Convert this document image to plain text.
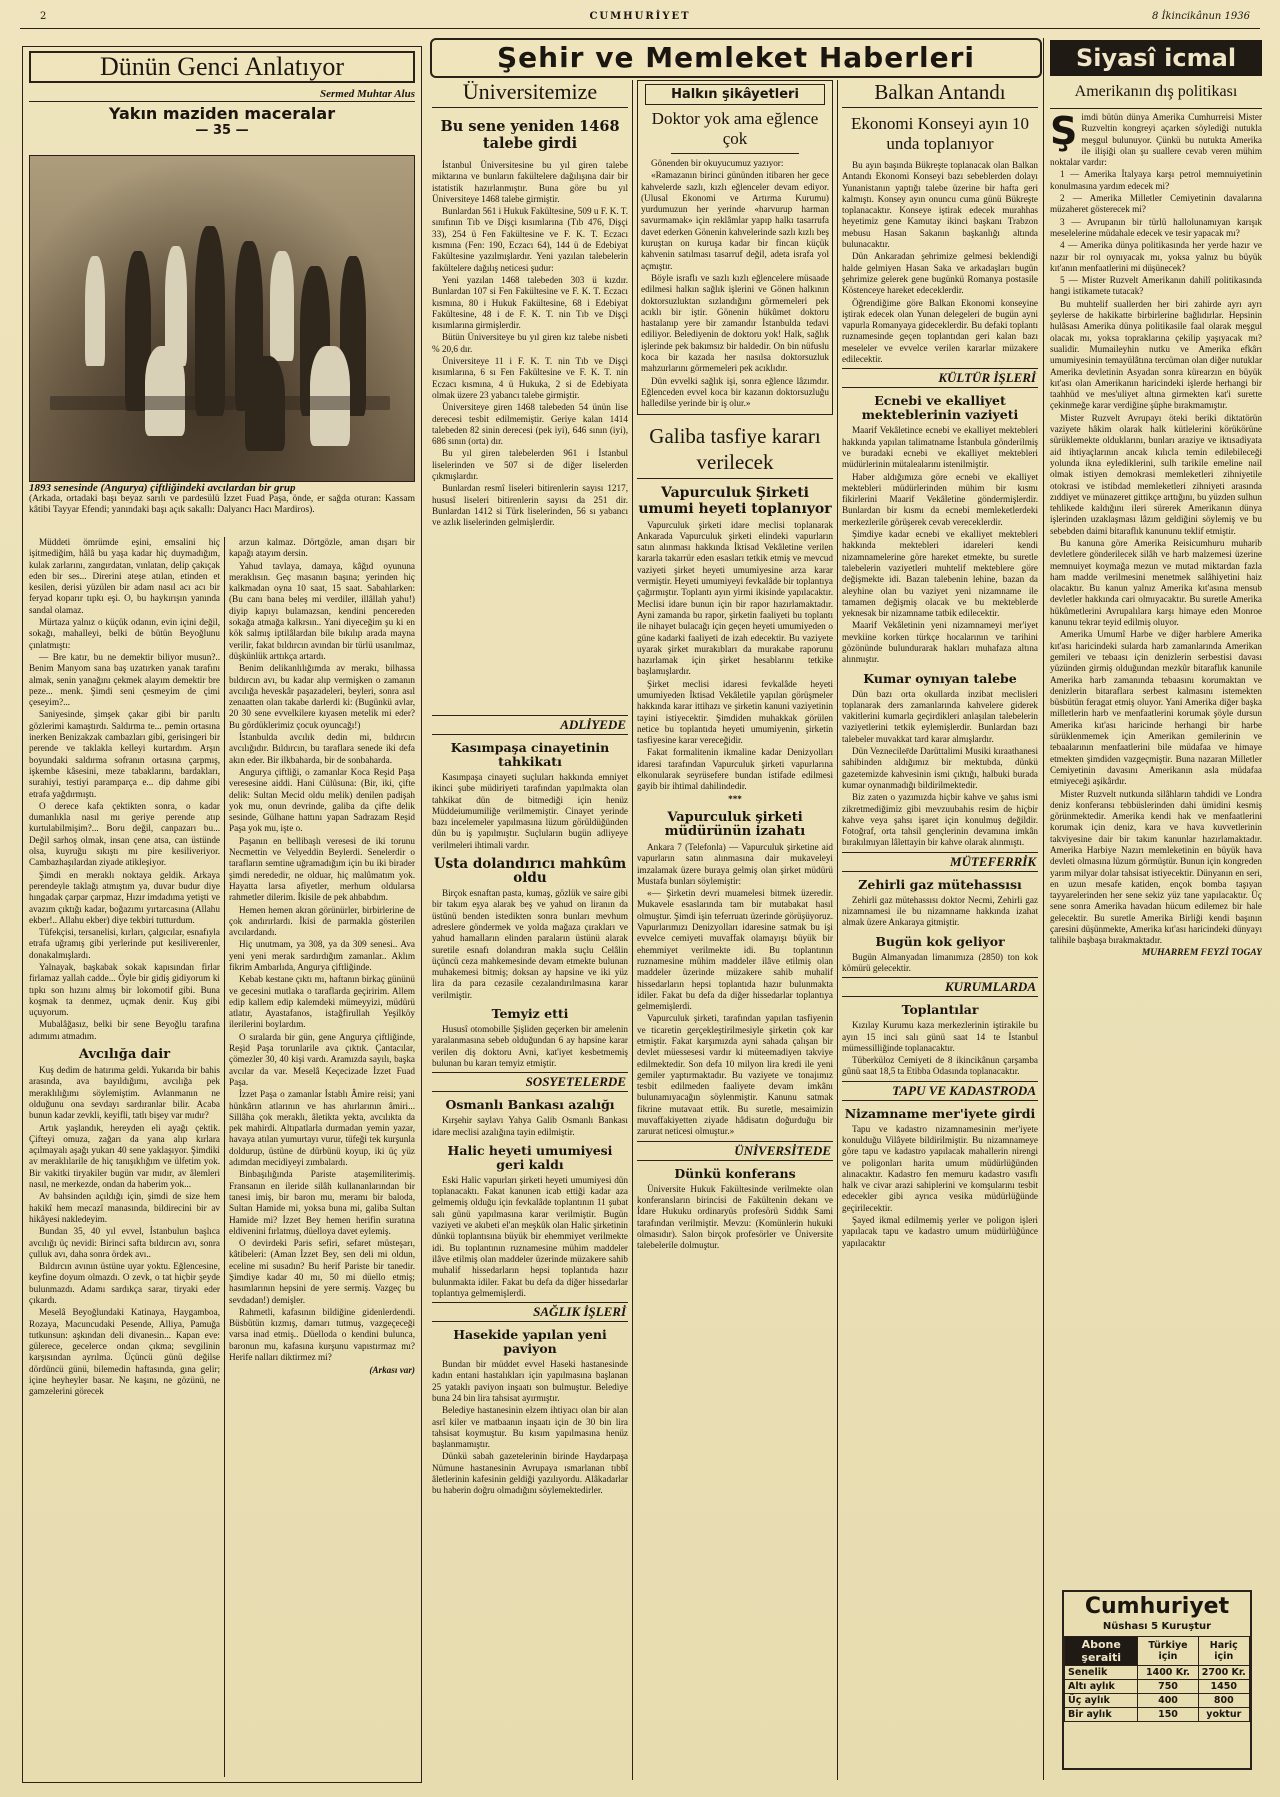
2	CUMHURİYET	8 İkincikânun 1936
Dünün Genci Anlatıyor
Sermed Muhtar Alus
Yakın maziden maceralar
— 35 —
1893 senesinde (Angurya) çiftliğindeki avcılardan bir grup
(Arkada, ortadaki başı beyaz sarılı ve pardesülü İzzet Fuad Paşa, önde, er sağda oturan: Kassam kâtibi Tayyar Efendi; yanındaki başı açık sakallı: Dalyancı Hacı Mardiros).

Müddeti ömrümde eşini, emsalini hiç işitmediğim, hâlâ bu yaşa kadar hiç duymadığım, kulak zarlarını, zangırdatan, vınlatan, delip çakıçak eden bir ses... Direrini ateşe atılan, etinden et kesilen, derisi yüzülen bir adam nasıl acı acı bir feryad koparır tıpkı eşi. O, bu haykırışın yanında sandal olamaz.

Mürtaza yalnız o küçük odanın, evin içini değil, sokağı, mahalleyi, belki de bütün Beyoğlunu çınlatmıştı:

— Bre katır, bu ne demektir biliyor musun?.. Benim Manyom sana baş uzatırken yanak tarafını almak, senin yanağını çekmek alayım demektir bre peze... menk. Şimdi seni çesmeyim de çimi çeseyim?...

Saniyesinde, şimşek çakar gibi bir parıltı gözlerimi kamaştırdı. Saldırma te... pemin ortasına inerken Benizakzak cambazları gibi, gerisingeri bir perende ve taklakla kelleyi kurtardım. Arşın boyundaki saldırma sofranın ortasına çarpmış, işkembe kâsesini, meze tabaklarını, bardakları, surahiyi, testiyi paramparça e... dip dahme gibi etrafa yağdırmıştı.

O derece kafa çektikten sonra, o kadar dumanlıkla nasıl mı geriye perende atıp kurtulabilmişim?... Boru değil, canpazarı bu... Değil sarhoş olmak, insan çene atsa, can üstünde olsa, kuyruğu sıkıştı mı pire kesiliveriyor. Cambazhaşılardan ziyade atikleşiyor.

Şimdi en meraklı noktaya geldik. Arkaya perendeyle taklağı atmıştım ya, duvar budur diye hıngadak çarpar çarpmaz, Hızır imdadıma yetişti ve avazım çıktığı kadar, boğazımı yırtarcasına (Allahu ekber!.. Allahu ekber) diye tekbiri tutturdum.

Tüfekçisi, tersanelisi, kırları, çalgıcılar, esnafıyla etrafa uğramış gibi yerlerinde put kesiliverenler, donakalmışlardı.

Yalnayak, başkabak sokak kapısından firlar firlamaz yallah cadde... Öyle bir gidiş gidiyorum ki tıpkı son hızını almış bir lokomotif gibi. Buna koşmak ta denmez, uçmak denir. Kuş gibi uçuyorum.

Mubalâğasız, belki bir sene Beyoğlu tarafına adımımı atmadım.

Avcılığa dair

Kuş dedim de hatırıma geldi. Yukarıda bir bahis arasında, ava bayıldığımı, avcılığa pek meraklılığımı söylemiştim. Avlanmanın ne olduğunu ona sevdayı sardıranlar bilir. Acaba bunun kadar zevkli, keyifli, tatlı bişey var mıdır?

Artık yaşlandık, hereyden eli ayağı çektik. Çifteyi omuza, zağarı da yana alıp kırlara açılmayalı aşağı yukarı 40 sene yaklaşıyor. Şimdiki av meraklılarile de hiç tanışıklığım ve ülfetim yok. Bir vakitki tiryakiler bugün var mıdır, av âlemleri nasıl, ne merkezde, ondan da haberim yok...

Av bahsinden açıldığı için, şimdi de size hem hakikî hem mecazî manasında, bildirecini bir av hikâyesi nakledeyim.

Bundan 35, 40 yıl evvel, İstanbulun başlıca avcılığı üç nevidi: Birinci safta bıldırcın avı, sonra çulluk avı, daha sonra ördek avı..

Bıldırcın avının üstüne uyar yoktu. Eğlencesine, keyfine doyum olmazdı. O zevk, o tat hiçbir şeyde bulunmazdı. Adamı sardıkça sarar, tiryaki eder çıkardı.

Meselâ Beyoğlundaki Katinaya, Haygamboa, Rozaya, Macuncudaki Pesende, Alliya, Pamuğa tutkunsun: aşkından deli divanesin... Kapan eve: gülerece, gecelerce ondan çıkma; sevgilinin karşısından ayrılma. Üçüncü günü değilse dördüncü günü, bilemedin haftasında, gına gelir; içine heyheyler basar. Ne kaşını, ne gözünü, ne gamzelerini görecek

arzun kalmaz. Dörtgözle, aman dışarı bir kapağı atayım dersin.

Yahud tavlaya, damaya, kâğıd oyununa meraklısın. Geç masanın başına; yerinden hiç kalkmadan oyna 10 saat, 15 saat. Sabahlarken: (Bu canı bana beleş mi verdiler, illâllah yahu!) diyip kapıyı bulamazsan, kendini pencereden sokağa atmağa kalkrsın.. Yani diyeceğim şu ki en kök salmış iptilâlardan bile bıkılıp arada mayna verilir, fakat bıldırcın avından bir türlü usanılmaz, düşkünlük arttıkça artardı.

Benim delikanlılığımda av merakı, bilhassa bıldırcın avı, bu kadar alıp vermişken o zamanın avcılığa heveskâr paşazadeleri, beyleri, sonra asıl zenaatten olan takabe darlerdi ki: (Bugünkü avlar, 20 30 sene evvelkilere kıyasen metelik mi eder? Bu gördüklerimiz çocuk oyuncağı!)

İstanbulda avcılık dedin mi, bıldırcın avcılığıdır. Bıldırcın, bu taraflara senede iki defa akın eder. Bir ilkbaharda, bir de sonbaharda.

Angurya çiftliği, o zamanlar Koca Reşid Paşa veresesine aiddi. Hani Cülûsuna: (Bir, iki, çifte delik: Sultan Mecid oldu melik) denilen padişah yok mu, onun devrinde, galiba da çifte delik sesinde, Gülhane hattını yapan Sadrazam Reşid Paşa yok mu, işte o.

Paşanın en bellibaşlı veresesi de iki torunu Necmettin ve Velyeddin Beylerdi. Senelerdir o tarafların semtine uğramadığım için bu iki birader şimdi nerededir, ne olduar, hiç malûmatım yok. Hayatta larsa afiyetler, merhum oldularsa rahmetler dilerim. İkisile de pek ahbabdım.

Hemen hemen akran görünürler, birbirlerine de çok andırırlardı. İkisi de parmakla gösterilen avcılardandı.

Hiç unutmam, ya 308, ya da 309 senesi.. Ava yeni yeni merak sardırdığım zamanlar.. Aklım fikrim Ambarlıda, Angurya çiftliğinde.

Kebab kestane çıktı mı, haftanın birkaç gününü ve gecesini mutlaka o taraflarda geçiririm. Allem edip kallem edip kalemdeki mümeyyizi, müdürü atlatır, Ayastafanos, istağfirullah Yeşilköy ilerilerini boylardım.

O sıralarda bir gün, gene Angurya çiftliğinde, Reşid Paşa torunlarile ava çıktık. Çantacılar, çömezler 30, 40 kişi vardı. Aramızda sayılı, başka avcılar da var. Meselâ Keçecizade İzzet Fuad Paşa.

İzzet Paşa o zamanlar İstablı Âmire reisi; yani hünkârın atlarının ve has ahırlarının âmiri... Sillâha çok meraklı, âletikta yekta, avcılıkta da pek mahirdi. Altıpatlarla durmadan yemin yazar, havaya atılan yumurtayı vurur, tüfeği tek kurşunla doldurup, üstüne de dürbünü koyup, iki üç yüz adımdan mecidiyeyi zımbalardı.

Binbaşılığında Pariste ataşemiliterimiş. Fransanın en ileride silâh kullananlarından bir tanesi imiş, bir baron mu, meramı bir baloda, Sultan Hamide mi, yoksa buna mi, galiba Sultan Hamide mi? İzzet Bey hemen herifin suratına eldivenini fırlatmış, düelloya davet eylemiş.

O devirdeki Paris sefiri, sefaret müsteşarı, kâtibeleri: (Aman İzzet Bey, sen deli mi oldun, eceline mi susadın? Bu herif Pariste bir tanedir. Şimdiye kadar 40 mı, 50 mi düello etmiş; hasımlarının hepsini de yere sermiş. Vazgeç bu sevdadan!) demişler.

Rahmetli, kafasının bildiğine gidenlerdendi. Büsbütün kızmış, damarı tutmuş, vazgeçeceği varsa inad etmiş.. Düelloda o kendini bulunca, baronun mu, kafasına kurşunu vapıstırmaz mı? Herife nalları diktirmez mi?

(Arkası var)
Şehir ve Memleket Haberleri
Üniversitemize
Bu sene yeniden 1468 talebe girdi

İstanbul Üniversitesine bu yıl giren talebe miktarına ve bunların fakültelere dağılışına dair bir istatistik hazırlanmıştır. Buna göre bu yıl Üniversiteye 1468 talebe girmiştir.

Bunlardan 561 i Hukuk Fakültesine, 509 u F. K. T. sınıfının Tıb ve Dişçi kısımlarına (Tıb 476, Dişçi 33), 254 ü Fen Fakültesine ve F. K. T. Eczacı kısmına (Fen: 190, Eczacı 64), 144 ü de Edebiyat Fakültesine yazılmışlardır. Yeni yazılan talebelerin fakültelere dağılış neticesi şudur:

Yeni yazılan 1468 talebeden 303 ü kızdır. Bunlardan 107 si Fen Fakültesine ve F. K. T. Eczacı kısmına, 80 i Hukuk Fakültesine, 68 i Edebiyat Fakültesine, 48 i de F. K. T. nin Tıb ve Dişçi kısımlarına girmişlerdir.

Bütün Üniversiteye bu yıl giren kız talebe nisbeti % 20,6 dır.

Üniversiteye 11 i F. K. T. nin Tıb ve Dişçi kısımlarına, 6 sı Fen Fakültesine ve F. K. T. nin Eczacı kısmına, 4 ü Hukuka, 2 si de Edebiyata olmak üzere 23 yabancı talebe girmiştir.

Üniversiteye giren 1468 talebeden 54 ünün lise derecesi tesbit edilmemiştir. Geriye kalan 1414 talebeden 82 sinin derecesi (pek iyi), 646 sının (iyi), 686 sının (orta) dır.

Bu yıl giren talebelerden 961 i İstanbul liselerinden ve 507 si de diğer liselerden çıkmışlardır.

Bunlardan resmî liseleri bitirenlerin sayısı 1217, hususî liseleri bitirenlerin sayısı da 251 dir. Bunlardan 1412 si Türk liselerinden, 56 sı yabancı ve azlık liselerinden gelmişlerdir.

ADLİYEDE
Kasımpaşa cinayetinin tahkikatı

Kasımpaşa cinayeti suçluları hakkında emniyet ikinci şube müdiriyeti tarafından yapılmakta olan tahkikat dün de bitmediği için henüz Müddeiumumiliğe verilmemiştir. Cinayet yerinde bazı incelemeler yapılmasına lüzum görüldüğünden dün bu iş yapılmıştır. Suçluların bugün adliyeye verilmeleri ihtimali vardır.

Usta dolandırıcı mahkûm oldu

Birçok esnaftan pasta, kumaş, gözlük ve saire gibi bir takım eşya alarak beş ve yahud on liranın da üstünü benden istedikten sonra bunları mevhum adreslere göndermek ve yolda mağaza çırakları ve yahud hamalların elinden paraların üstünü alarak suretile esnafı dolandıran makla suçlu Celâlin üçüncü ceza mahkemesinde devam etmekte bulunan muhakemesi bitmiş; doksan ay hapsine ve iki yüz lira da para cezasile cezalandırılmasına karar verilmiştir.

Temyiz etti

Hususî otomobille Şişliden geçerken bir amelenin yaralanmasına sebeb olduğundan 6 ay hapsine karar verilen diş doktoru Avni, kat'iyet kesbetmemiş bulunan bu kararı temyiz etmiştir.

SOSYETELERDE
Osmanlı Bankası azalığı

Kırşehir saylavı Yahya Galib Osmanlı Bankası idare meclisi azalığına tayin edilmiştir.

Halic heyeti umumiyesi geri kaldı

Eski Halic vapurları şirketi heyeti umumiyesi dün toplanacaktı. Fakat kanunen icab ettiği kadar aza gelmemiş olduğu için fevkalâde toplantının 11 şubat salı günü yapılmasına karar verilmiştir. Bugün vaziyeti ve akıbeti el'an meşkûk olan Halic şirketinin dünkü toplantısına büyük bir ehemmiyet verilmekte idi. Bu toplantının ruznamesine mühim maddeler ilâve etilmiş olan maddeler üzerinde müzakere sahib muhalif hissedarların hepsi toplantıda hazır bulunmakta idiler. Fakat bu defa da diğer hissedarlar toplantıya gelmemişlerdi.

SAĞLIK İŞLERİ
Hasekide yapılan yeni paviyon

Bundan bir müddet evvel Haseki hastanesinde kadın entani hastalıkları için yapılmasına başlanan 25 yataklı paviyon inşaatı son bulmuştur. Belediye buna 24 bin lira tahsisat ayırmıştır.

Belediye hastanesinin elzem ihtiyacı olan bir alan asrî kiler ve matbaanın inşaatı için de 30 bin lira tahsisat koymuştur. Bu kısım yapılmasına henüz başlanmamıştır.

Dünkü sabah gazetelerinin birinde Haydarpaşa Nümune hastanesinin Avrupaya ısmarlanan tıbbî âletlerinin kafesinin geldiği yazılıyordu. Alâkadarlar bu haberin doğru olmadığını söylemektedirler.

Halkın şikâyetleri
Doktor yok ama eğlence çok

Gönenden bir okuyucumuz yazıyor:

«Ramazanın birinci gününden itibaren her gece kahvelerde sazlı, kızlı eğlenceler devam ediyor. (Ulusal Ekonomi ve Artırma Kurumu) yurdumuzun her yerinde «harvurup harman savurmamak» için reklâmlar yapıp halkı tasarrufa davet ederken Gönenin kahvelerinde sazlı kızlı beş kuruştan on kuruşa kadar bir fincan küçük kahvenin satılması tasarruf değil, adeta israfa yol açmıştır.

Böyle israflı ve sazlı kızlı eğlencelere müsaade edilmesi halkın sağlık işlerini ve Gönen halkının doktorsuzluktan sızlandığını görmemeleri pek acıklı bir iştir. Gönenin hükûmet doktoru hastalanıp yere bir zamandır İstanbulda tedavi ediliyor. Belediyenin de doktoru yok! Halk, sağlık işlerinde pek bakımsız bir haldedir. On bin nüfuslu koca bir kazada her nasılsa doktorsuzluk mahzurlarını görmemeleri pek acıklıdır.

Dün evvelki sağlık işi, sonra eğlence lâzımdır. Eğlenceden evvel koca bir kazanın doktorsuzluğu halledilse yerinde bir iş olur.»

Galiba tasfiye kararı verilecek
Vapurculuk Şirketi umumi heyeti toplanıyor

Vapurculuk şirketi idare meclisi toplanarak Ankarada Vapurculuk şirketi elindeki vapurların satın alınması hakkında İktisad Vekâletine verilen kararla takarrür eden esasları tetkik etmiş ve mevcud vaziyeti şirket heyeti umumiyesine arza karar vermiştir. Heyeti umumiyeyi fevkalâde bir toplantıya çağırmıştır. Toplantı ayın yirmi ikisinde yapılacaktır. Meclisi idare bunun için bir rapor hazırlamaktadır. Ayni zamanda bu rapor, şirketin faaliyeti bu toplantı ile nihayet bulacağı için geçen heyeti umumiyeden o güne kadarki faaliyeti de izah edecektir. Bu vaziyete uyarak şirket murakıbları da murakabe raporunu hazırlamak için şirket hesablarını tetkike başlamışlardır.

Şirket meclisi idaresi fevkalâde heyeti umumiyeden İktisad Vekâletile yapılan görüşmeler hakkında karar ittihazı ve şirketin kanuni vaziyetinin tayini istiyecektir. Şimdiden muhakkak görülen netice bu toplantıda heyeti umumiyenin, şirketin tasfiyesine karar vereceğidir.

Fakat formalitenin ikmaline kadar Denizyolları idaresi tarafından Vapurculuk şirketi vapurlarına elkonularak seyrüsefere bundan istifade edilmesi gayib bir ihtimal dahilindedir.

***
Vapurculuk şirketi müdürünün izahatı

Ankara 7 (Telefonla) — Vapurculuk şirketine aid vapurların satın alınmasına dair mukaveleyi imzalamak üzere buraya gelmiş olan şirket müdürü Mustafa bunları söylemiştir:

«— Şirketin devri muamelesi bitmek üzeredir. Mukavele esaslarında tam bir mutabakat hasıl olmuştur. Şimdi işin teferruatı üzerinde görüşüyoruz. Vapurlarımızı Denizyolları idaresine satmak bu işi evvelce cemiyeti muvaffak olamayışı büyük bir ehemmiyet verilmekte idi. Bu toplantının ruznamesine mühim maddeler ilâve etilmiş olan maddeler üzerinde müzakere sahib muhalif hissedarların hepsi toplantıda hazır bulunmakta idiler. Fakat bu defa da diğer hissedarlar toplantıya gelmemişlerdi.

Vapurculuk şirketi, tarafından yapılan tasfiyenin ve ticaretin gerçekleştirilmesiyle şirketin çok kar etmiştir. Fakat karşımızda ayni sahada çalışan bir devlet müessesesi vardır ki müteemadiyen takviye edilmektedir. Son defa 10 milyon lira kredi ile yeni gemiler yaptırmaktadır. Bu vaziyete ve tonajımız tesbit edilmeden faaliyete devam imkânı bulunamıyacağın söylenmiştir. Kanunu satmak fikrine mutavaat ettik. Bu suretle, mesaimizin muvaffakiyetten ziyade hâdisatın doğurduğu bir zarurat neticesi olmuştur.»

ÜNİVERSİTEDE
Dünkü konferans

Üniversite Hukuk Fakültesinde verilmekte olan konferansların birincisi de Fakültenin dekanı ve İdare Hukuku ordinaryüs profesörü Sıddık Sami tarafından verilmiştir. Mevzu: (Komünlerin hukuki olmasıdır). Salon birçok profesörler ve Üniversite talebelerile dolmuştur.

Balkan Antandı
Ekonomi Konseyi ayın 10 unda toplanıyor

Bu ayın başında Bükreşte toplanacak olan Balkan Antandı Ekonomi Konseyi bazı sebeblerden dolayı Yunanistanın yaptığı talebe üzerine bir hafta geri kalmıştı. Konsey ayın onuncu cuma günü Bükreşte toplanacaktır. Konseye iştirak edecek murahhas heyetimiz gene Kamutay ikinci başkanı Trabzon mebusu Hasan Sakanın başkanlığı altında bulunacaktır.

Dün Ankaradan şehrimize gelmesi beklendiği halde gelmiyen Hasan Saka ve arkadaşları bugün şehrimize gelerek gene bugünkü Romanya postasile Köstenceye hareket edeceklerdir.

Öğrendiğime göre Balkan Ekonomi konseyine iştirak edecek olan Yunan delegeleri de bugün ayni vapurla Romanyaya gideceklerdir. Bu defaki toplantı ruznamesinde geçen toplantıdan geri kalan bazı meseleler ve evvelce verilen kararlar müzakere edilecektir.

KÜLTÜR İŞLERİ
Ecnebi ve ekalliyet mekteblerinin vaziyeti

Maarif Vekâletince ecnebi ve ekalliyet mektebleri hakkında yapılan talimatname İstanbula gönderilmiş ve buradaki ecnebi ve ekalliyet mektebleri müdürlerinin mütalealarını istenilmiştir.

Haber aldığımıza göre ecnebi ve ekalliyet mektebleri müdürlerinden mühim bir kısmı fikirlerini Maarif Vekâletine göndermişlerdir. Bunlardan bir kısmı da ecnebi memleketlerdeki merkezlerile görüşerek cevab vereceklerdir.

Şimdiye kadar ecnebi ve ekalliyet mektebleri hakkında mektebleri idareleri kendi nizamnamelerine göre hareket etmekte, bu suretle talebelerin vaziyetleri muhtelif mekteblere göre değişmekte idi. Bazan talebenin lehine, bazan da aleyhine olan bu vaziyet yeni nizamname ile tamamen değişmiş olacak ve bu mekteblerde yeknesak bir nizamname tatbik edilecektir.

Maarif Vekâletinin yeni nizamnameyi mer'iyet mevkiine korken türkçe hocalarının ve tarihini gözönünde bulundurarak hakları muhafaza altına alınmıştır.

Kumar oynıyan talebe

Dün bazı orta okullarda inzibat meclisleri toplanarak ders zamanlarında kahvelere giderek vakitlerini kumarla geçirdikleri anlaşılan talebelerin vaziyetlerini tetkik eylemişlerdir. Bunlardan bazı talebeler muvakkat tard karar almışlardır.

Dün Vezneciler̄de Darüttalimi Musiki kıraathanesi sahibinden aldığımız bir mektubda, dünkü gazetemizde kahvesinin ismi çıktığı, halbuki burada kumar oynanmadığı bildirilmektedir.

Biz zaten o yazımızda hiçbir kahve ve şahıs ismi zikretmediğimiz gibi mevzuubahis resim de hiçbir kahve veya şahsı işaret için konulmuş değildir. Fotoğraf, orta tahsil gençlerinin devamına imkân bırakılmıyan lâlettayin bir kahve olarak alınmıştı.

MÜTEFERRİK
Zehirli gaz mütehassısı

Zehirli gaz mütehassısı doktor Necmi, Zehirli gaz nizamnamesi ile bu nizamname hakkında izahat almak üzere Ankaraya gitmiştir.

Bugün kok geliyor

Bugün Almanyadan limanımıza (2850) ton kok kömürü gelecektir.

KURUMLARDA
Toplantılar

Kızılay Kurumu kaza merkezlerinin iştirakile bu ayın 15 inci salı günü saat 14 te İstanbul mümessilliğinde toplanacaktır.

Tüberküloz Cemiyeti de 8 ikincikânun çarşamba günü saat 18,5 ta Etibba Odasında toplanacaktır.

TAPU VE KADASTRODA
Nizamname mer'iyete girdi

Tapu ve kadastro nizamnamesinin mer'iyete konulduğu Vilâyete bildirilmiştir. Bu nizamnameye göre tapu ve kadastro yapılacak mahallerin nirengi ve poligonları harita umum müdürlüğünden alınacaktır. Kadastro fen memuru kadastro vasıflı halk ve civar arazi sahiplerini ve komşularını tesbit edecekler gibi ayrıca vesika müdürlüğünde geçirilecektir.

Şayed ikmal edilmemiş yerler ve poligon işleri yapılacak tapu ve kadastro umum müdürlüğünce yapılacaktır

Siyasî icmal
Amerikanın dış politikası
Ş imdi bütün dünya Amerika Cumhurreisi Mister Ruzveltin kongreyi açarken söylediği nutukla meşgul bulunuyor. Çünkü bu nutukta Amerika ile ilişiği olan şu suallere cevab veren mühim noktalar vardır:

1 — Amerika İtalyaya karşı petrol memnuiyetinin konulmasına yardım edecek mi?

2 — Amerika Milletler Cemiyetinin davalarına müzaheret gösterecek mi?

3 — Avrupanın bir türlü hallolunamıyan karışık meselelerine müdahale edecek ve tesir yapacak mı?

4 — Amerika dünya politikasında her yerde hazır ve nazır bir rol oynıyacak mı, yoksa yalnız bu büyük kıt'anın menfaatlerini mi düşünecek?

5 — Mister Ruzvelt Amerikanın dahilî politikasında hangi istikamete tutacak?

Bu muhtelif suallerden her biri zahirde ayrı ayrı şeylerse de hakikatte birbirlerine bağlıdırlar. Hepsinin hulâsası Amerika dünya politikasile faal olarak meşgul olacak mı, yoksa topraklarına çekilip yaşıyacak mı? sualidir. Mumaileyhin nutku ve Amerika efkârı umumiyesinin temayülâtına tercüman olan diğer nutuklar Amerika devletinin Asyadan sonra kürearzın en büyük kıt'ası olan Amerikanın haricindeki işlerde herhangi bir taahhüd ve mes'uliyet altına girmekten kat'i surette çekinmeğe karar verdiğine şüphe bırakmamıştır.

Mister Ruzvelt Avrupayı öteki beriki diktatörün vaziyete hâkim olarak halk kütlelerini körükörüne sürüklemekte olduklarını, bunları araziye ve iktısadiyata aid ihtiyaçlarının ancak kılıcla temin edilebileceği yolunda ikna eylediklerini, sulh tarikile emeline nail olmak istiyen demokrasi memleketleri zihniyetile otokrasi ve istibdad memleketleri zihniyeti arasında zıddiyet ve münazeret gittikçe arttığını, bu yüzden sulhun tehlikede kaldığını ileri sürerek Amerikanın dünya işlerinden uzaklaşması lâzım geldiğini söylemiş ve bu sebebden daimi bitaraflık kanununu teklif etmiştir.

Bu kanuna göre Amerika Reisicumhuru muharib devletlere gönderilecek silâh ve harb malzemesi üzerine memnuiyet koymağa mezun ve mutad miktardan fazla ham madde verilmesini menetmek salâhiyetini haiz olacaktır. Bu kanun yalnız Amerika kıt'asına mensub devletler hakkında cari olmıyacaktır. Bu suretle Amerika hükûmetlerini Avrupalılara karşı himaye eden Monroe kanunu tekrar teyid edilmiş oluyor.

Amerika Umumî Harbe ve diğer harblere Amerika kıt'ası haricindeki sularda harb zamanlarında Amerikan gemileri ve tebaası için denizlerin serbestisi davası yüzünden girmiş olduğundan mezkûr bitaraflık kanunile Amerika harb zamanında tebaasını korumaktan ve denizlerin bitaraflara serbest kalmasını istemekten büsbütün feragat etmiş oluyor. Yani Amerika diğer başka milletlerin harb ve menfaatlerini korumak şöyle dursun Amerika kıt'ası haricinde herhangi bir harbe sürüklenmemek için Amerikan gemilerinin ve tebaalarının menfaatlerini bile müdafaa ve himaye etmekten şimdiden vazgeçmiştir. Buna nazaran Milletler Cemiyetinin davasını Amerikanın asla müdafaa etmiyeceği aşikârdır.

Mister Ruzvelt nutkunda silâhların tahdidi ve Londra deniz konferansı tebbüslerinden dahi ümidini kesmiş görünmektedir. Amerika kendi hak ve menfaatlerini korumak için deniz, kara ve hava kuvvetlerinin takviyesine dair bir takım kanunlar hazırlamaktadır. Amerika Harbiye Nazırı memleketinin en büyük hava devleti olmasına lüzum görmüştür. Bunun için kongreden yarım milyar dolar tahsisat istiyecektir. Dünyanın en seri, en uzun mesafe katiden, ençok bomba taşıyan tayyarelerinden her sene sekiz yüz tane yapılacaktır. Üç sene sonra Amerika havadan hücum edilemez bir hale gelecektir. Bu suretle Amerika Birliği kendi başının çaresini düşünmekte, Amerika kıt'ası haricindeki dünyayı talihile başbaşa bırakmaktadır.

MUHARREM FEYZİ TOGAY
Cumhuriyet
Nüshası 5 Kuruştur
Abone şeraiti	Türkiye için	Hariç için
Senelik	1400 Kr.	2700 Kr.
Altı aylık	750	1450
Üç aylık	400	800
Bir aylık	150	yoktur
